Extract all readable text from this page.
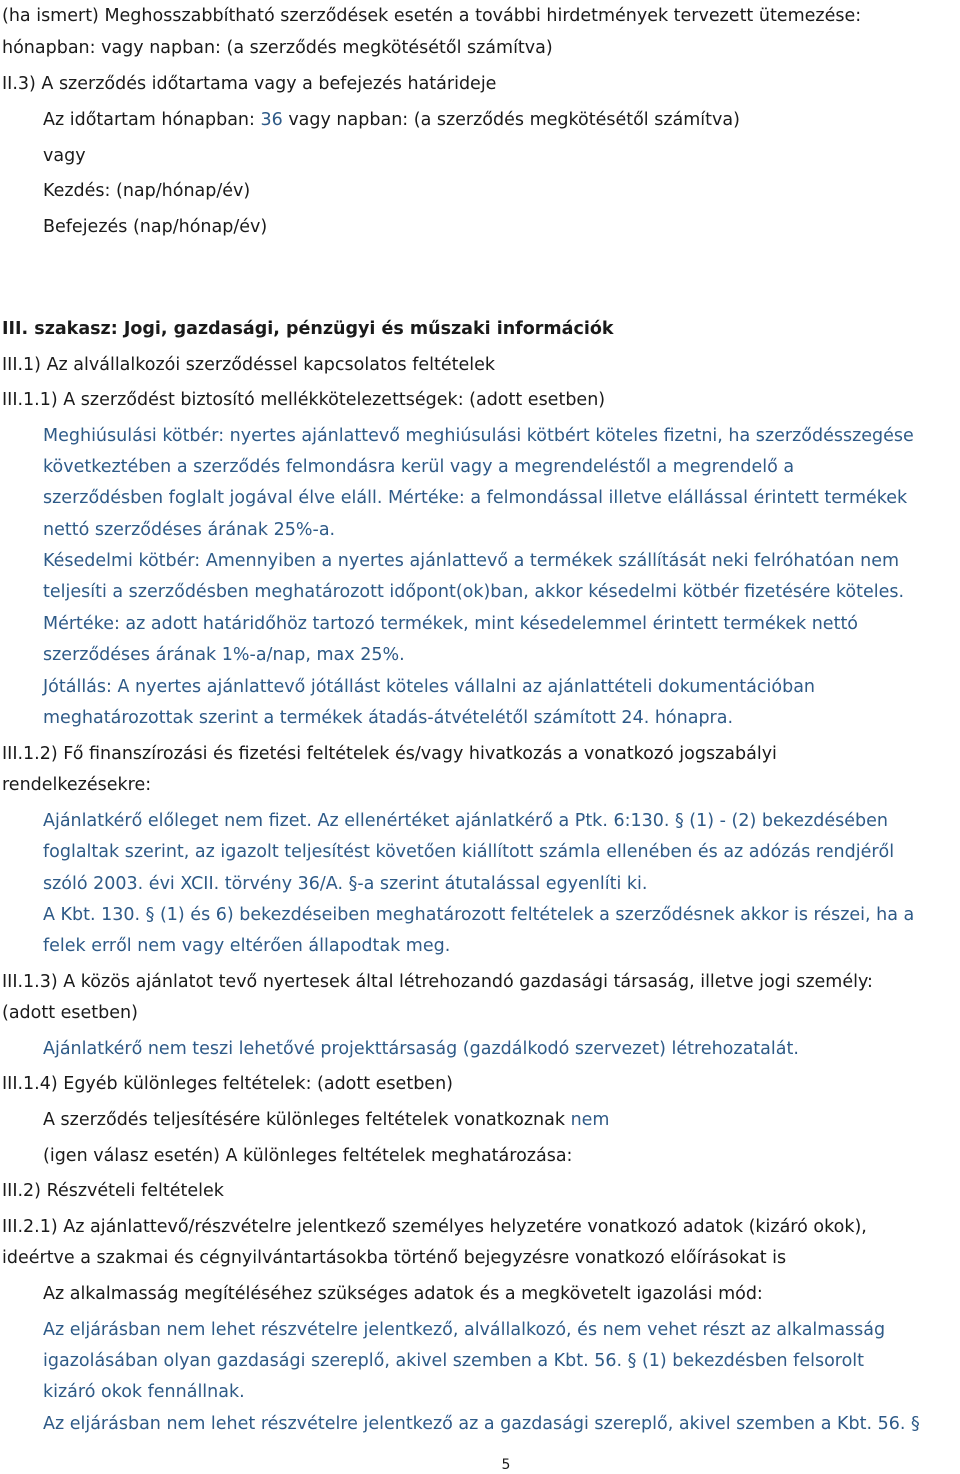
(ha ismert) Meghosszabbítható szerződések esetén a további hirdetmények tervezett ütemezése:
hónapban: vagy napban: (a szerződés megkötésétől számítva)
II.3) A szerződés időtartama vagy a befejezés határideje
Az időtartam hónapban: 36 vagy napban: (a szerződés megkötésétől számítva)
vagy
Kezdés: (nap/hónap/év)
Befejezés (nap/hónap/év)
III. szakasz: Jogi, gazdasági, pénzügyi és műszaki információk
III.1) Az alvállalkozói szerződéssel kapcsolatos feltételek
III.1.1) A szerződést biztosító mellékkötelezettségek: (adott esetben)
Meghiúsulási kötbér: nyertes ajánlattevő meghiúsulási kötbért köteles fizetni, ha szerződésszegése
következtében a szerződés felmondásra kerül vagy a megrendeléstől a megrendelő a
szerződésben foglalt jogával élve eláll. Mértéke: a felmondással illetve elállással érintett termékek
nettó szerződéses árának 25%-a.
Késedelmi kötbér: Amennyiben a nyertes ajánlattevő a termékek szállítását neki felróhatóan nem
teljesíti a szerződésben meghatározott időpont(ok)ban, akkor késedelmi kötbér fizetésére köteles.
Mértéke: az adott határidőhöz tartozó termékek, mint késedelemmel érintett termékek nettó
szerződéses árának 1%-a/nap, max 25%.
Jótállás: A nyertes ajánlattevő jótállást köteles vállalni az ajánlattételi dokumentációban
meghatározottak szerint a termékek átadás-átvételétől számított 24. hónapra.
III.1.2) Fő finanszírozási és fizetési feltételek és/vagy hivatkozás a vonatkozó jogszabályi
rendelkezésekre:
Ajánlatkérő előleget nem fizet. Az ellenértéket ajánlatkérő a Ptk. 6:130. § (1) - (2) bekezdésében
foglaltak szerint, az igazolt teljesítést követően kiállított számla ellenében és az adózás rendjéről
szóló 2003. évi XCII. törvény 36/A. §-a szerint átutalással egyenlíti ki.
A Kbt. 130. § (1) és 6) bekezdéseiben meghatározott feltételek a szerződésnek akkor is részei, ha a
felek erről nem vagy eltérően állapodtak meg.
III.1.3) A közös ajánlatot tevő nyertesek által létrehozandó gazdasági társaság, illetve jogi személy:
(adott esetben)
Ajánlatkérő nem teszi lehetővé projekttársaság (gazdálkodó szervezet) létrehozatalát.
III.1.4) Egyéb különleges feltételek: (adott esetben)
A szerződés teljesítésére különleges feltételek vonatkoznak nem
(igen válasz esetén) A különleges feltételek meghatározása:
III.2) Részvételi feltételek
III.2.1) Az ajánlattevő/részvételre jelentkező személyes helyzetére vonatkozó adatok (kizáró okok),
ideértve a szakmai és cégnyilvántartásokba történő bejegyzésre vonatkozó előírásokat is
Az alkalmasság megítéléséhez szükséges adatok és a megkövetelt igazolási mód:
Az eljárásban nem lehet részvételre jelentkező, alvállalkozó, és nem vehet részt az alkalmasság
igazolásában olyan gazdasági szereplő, akivel szemben a Kbt. 56. § (1) bekezdésben felsorolt
kizáró okok fennállnak.
Az eljárásban nem lehet részvételre jelentkező az a gazdasági szereplő, akivel szemben a Kbt. 56. §
5
